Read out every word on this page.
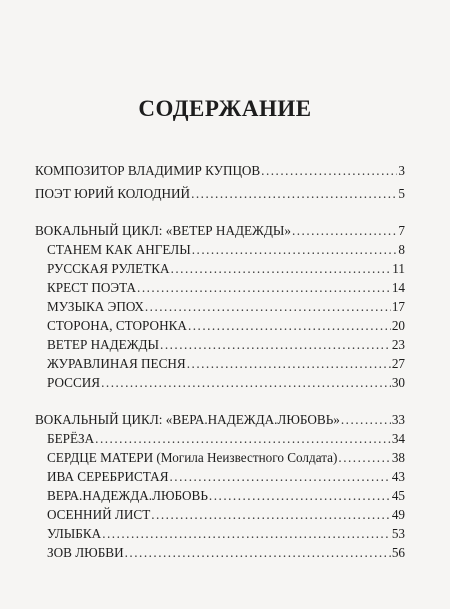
СОДЕРЖАНИЕ
КОМПОЗИТОР ВЛАДИМИР КУПЦОВ .....	3
ПОЭТ ЮРИЙ КОЛОДНИЙ .....	5
ВОКАЛЬНЫЙ ЦИКЛ: «ВЕТЕР НАДЕЖДЫ» .....	7
СТАНЕМ КАК АНГЕЛЫ .....	8
РУССКАЯ РУЛЕТКА .....	11
КРЕСТ ПОЭТА .....	14
МУЗЫКА ЭПОХ .....	17
СТОРОНА, СТОРОНКА .....	20
ВЕТЕР НАДЕЖДЫ .....	23
ЖУРАВЛИНАЯ ПЕСНЯ .....	27
РОССИЯ .....	30
ВОКАЛЬНЫЙ ЦИКЛ: «ВЕРА.НАДЕЖДА.ЛЮБОВЬ» .....	33
БЕРЁЗА .....	34
СЕРДЦЕ МАТЕРИ (Могила Неизвестного Солдата) .....	38
ИВА СЕРЕБРИСТАЯ .....	43
ВЕРА.НАДЕЖДА.ЛЮБОВЬ .....	45
ОСЕННИЙ ЛИСТ .....	49
УЛЫБКА .....	53
ЗОВ ЛЮБВИ .....	56
